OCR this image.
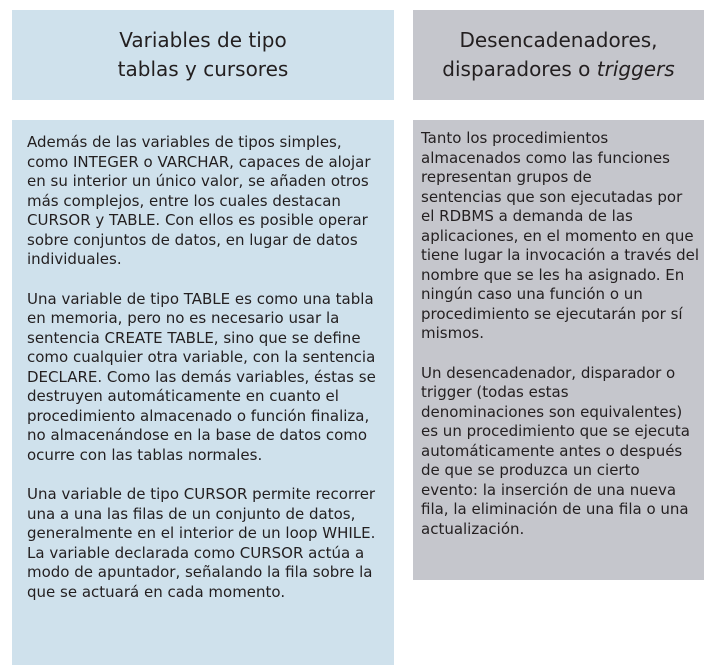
Variables de tipo
tablas y cursores
Desencadenadores,
disparadores o triggers

Además de las variables de tipos simples,
como INTEGER o VARCHAR, capaces de alojar
en su interior un único valor, se añaden otros
más complejos, entre los cuales destacan
CURSOR y TABLE. Con ellos es posible operar
sobre conjuntos de datos, en lugar de datos
individuales.

Una variable de tipo TABLE es como una tabla
en memoria, pero no es necesario usar la
sentencia CREATE TABLE, sino que se define
como cualquier otra variable, con la sentencia
DECLARE. Como las demás variables, éstas se
destruyen automáticamente en cuanto el
procedimiento almacenado o función finaliza,
no almacenándose en la base de datos como
ocurre con las tablas normales.

Una variable de tipo CURSOR permite recorrer
una a una las filas de un conjunto de datos,
generalmente en el interior de un loop WHILE.
La variable declarada como CURSOR actúa a
modo de apuntador, señalando la fila sobre la
que se actuará en cada momento.

Tanto los procedimientos
almacenados como las funciones
representan grupos de
sentencias que son ejecutadas por
el RDBMS a demanda de las
aplicaciones, en el momento en que
tiene lugar la invocación a través del
nombre que se les ha asignado. En
ningún caso una función o un
procedimiento se ejecutarán por sí
mismos.

Un desencadenador, disparador o
trigger (todas estas
denominaciones son equivalentes)
es un procedimiento que se ejecuta
automáticamente antes o después
de que se produzca un cierto
evento: la inserción de una nueva
fila, la eliminación de una fila o una
actualización.
